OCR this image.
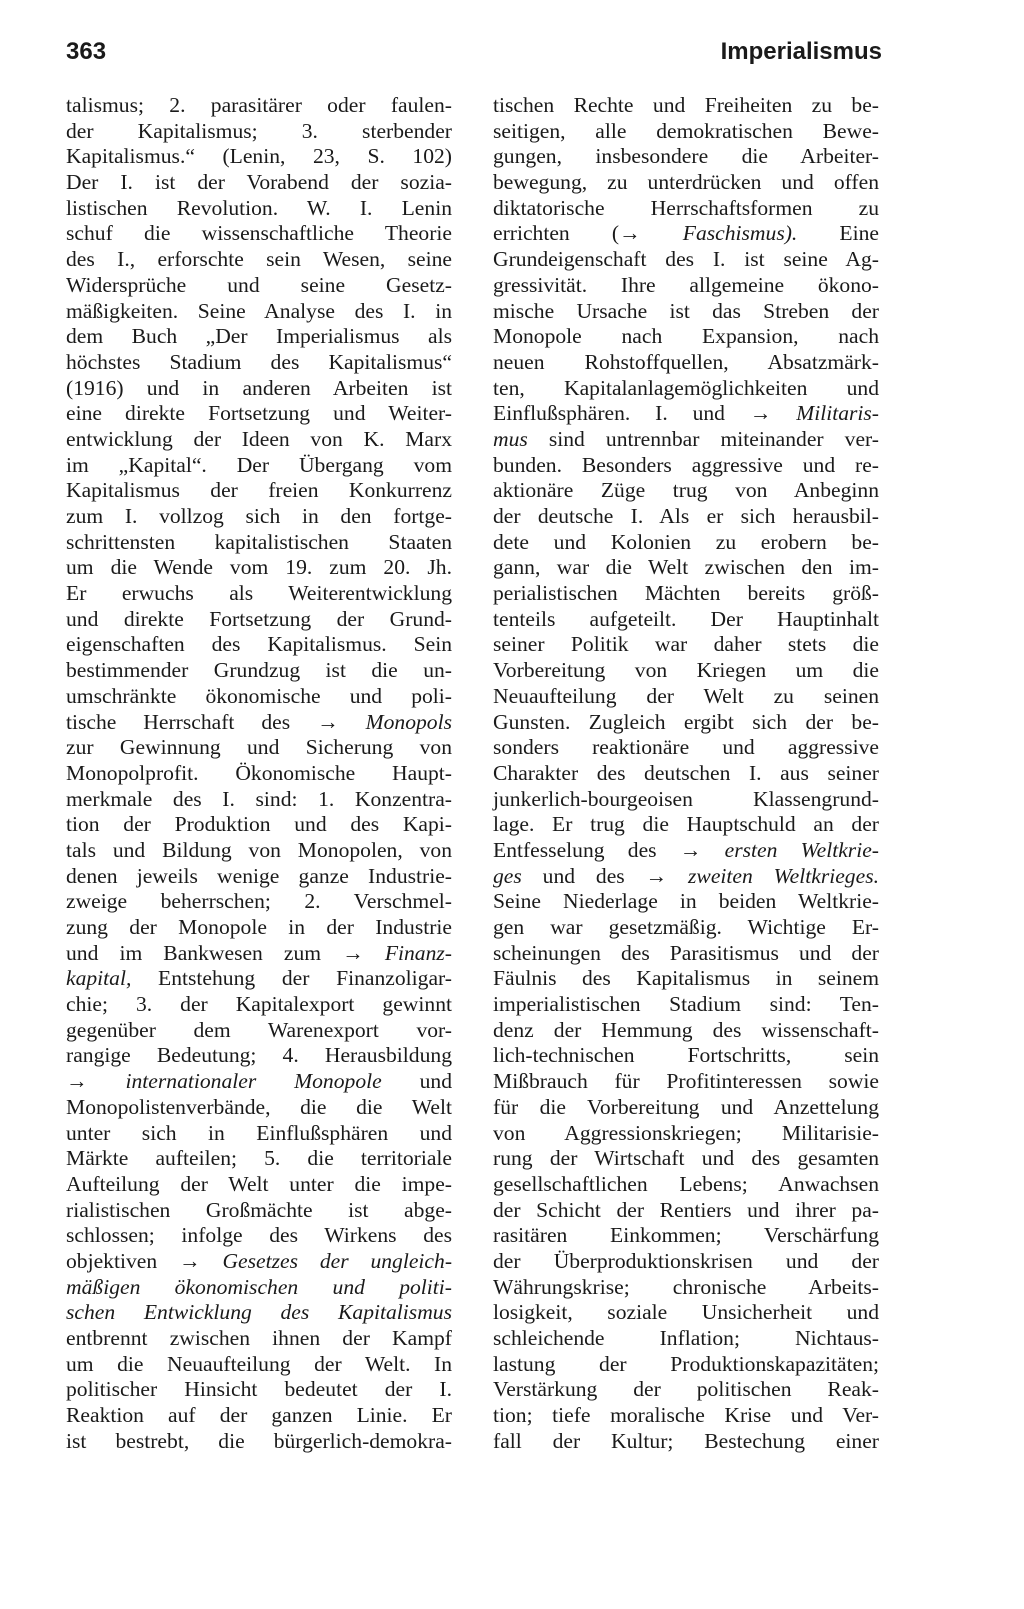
363	Imperialismus
talismus; 2. parasitärer oder faulen-
der Kapitalismus; 3. sterbender
Kapitalismus.“ (Lenin, 23, S. 102)
Der I. ist der Vorabend der sozia-
listischen Revolution. W. I. Lenin
schuf die wissenschaftliche Theorie
des I., erforschte sein Wesen, seine
Widersprüche und seine Gesetz-
mäßigkeiten. Seine Analyse des I. in
dem Buch „Der Imperialismus als
höchstes Stadium des Kapitalismus“
(1916) und in anderen Arbeiten ist
eine direkte Fortsetzung und Weiter-
entwicklung der Ideen von K. Marx
im „Kapital“. Der Übergang vom
Kapitalismus der freien Konkurrenz
zum I. vollzog sich in den fortge-
schrittensten kapitalistischen Staaten
um die Wende vom 19. zum 20. Jh.
Er erwuchs als Weiterentwicklung
und direkte Fortsetzung der Grund-
eigenschaften des Kapitalismus. Sein
bestimmender Grundzug ist die un-
umschränkte ökonomische und poli-
tische Herrschaft des → Monopols
zur Gewinnung und Sicherung von
Monopolprofit. Ökonomische Haupt-
merkmale des I. sind: 1. Konzentra-
tion der Produktion und des Kapi-
tals und Bildung von Monopolen, von
denen jeweils wenige ganze Industrie-
zweige beherrschen; 2. Verschmel-
zung der Monopole in der Industrie
und im Bankwesen zum → Finanz-
kapital, Entstehung der Finanzoligar-
chie; 3. der Kapitalexport gewinnt
gegenüber dem Warenexport vor-
rangige Bedeutung; 4. Herausbildung
→ internationaler Monopole und
Monopolistenverbände, die die Welt
unter sich in Einflußsphären und
Märkte aufteilen; 5. die territoriale
Aufteilung der Welt unter die impe-
rialistischen Großmächte ist abge-
schlossen; infolge des Wirkens des
objektiven → Gesetzes der ungleich-
mäßigen ökonomischen und politi-
schen Entwicklung des Kapitalismus
entbrennt zwischen ihnen der Kampf
um die Neuaufteilung der Welt. In
politischer Hinsicht bedeutet der I.
Reaktion auf der ganzen Linie. Er
ist bestrebt, die bürgerlich-demokra-
tischen Rechte und Freiheiten zu be-
seitigen, alle demokratischen Bewe-
gungen, insbesondere die Arbeiter-
bewegung, zu unterdrücken und offen
diktatorische Herrschaftsformen zu
errichten (→ Faschismus). Eine
Grundeigenschaft des I. ist seine Ag-
gressivität. Ihre allgemeine ökono-
mische Ursache ist das Streben der
Monopole nach Expansion, nach
neuen Rohstoffquellen, Absatzmärk-
ten, Kapitalanlagemöglichkeiten und
Einflußsphären. I. und → Militaris-
mus sind untrennbar miteinander ver-
bunden. Besonders aggressive und re-
aktionäre Züge trug von Anbeginn
der deutsche I. Als er sich herausbil-
dete und Kolonien zu erobern be-
gann, war die Welt zwischen den im-
perialistischen Mächten bereits größ-
tenteils aufgeteilt. Der Hauptinhalt
seiner Politik war daher stets die
Vorbereitung von Kriegen um die
Neuaufteilung der Welt zu seinen
Gunsten. Zugleich ergibt sich der be-
sonders reaktionäre und aggressive
Charakter des deutschen I. aus seiner
junkerlich-bourgeoisen Klassengrund-
lage. Er trug die Hauptschuld an der
Entfesselung des → ersten Weltkrie-
ges und des → zweiten Weltkrieges.
Seine Niederlage in beiden Weltkrie-
gen war gesetzmäßig. Wichtige Er-
scheinungen des Parasitismus und der
Fäulnis des Kapitalismus in seinem
imperialistischen Stadium sind: Ten-
denz der Hemmung des wissenschaft-
lich-technischen Fortschritts, sein
Mißbrauch für Profitinteressen sowie
für die Vorbereitung und Anzettelung
von Aggressionskriegen; Militarisie-
rung der Wirtschaft und des gesamten
gesellschaftlichen Lebens; Anwachsen
der Schicht der Rentiers und ihrer pa-
rasitären Einkommen; Verschärfung
der Überproduktionskrisen und der
Währungskrise; chronische Arbeits-
losigkeit, soziale Unsicherheit und
schleichende Inflation; Nichtaus-
lastung der Produktionskapazitäten;
Verstärkung der politischen Reak-
tion; tiefe moralische Krise und Ver-
fall der Kultur; Bestechung einer
